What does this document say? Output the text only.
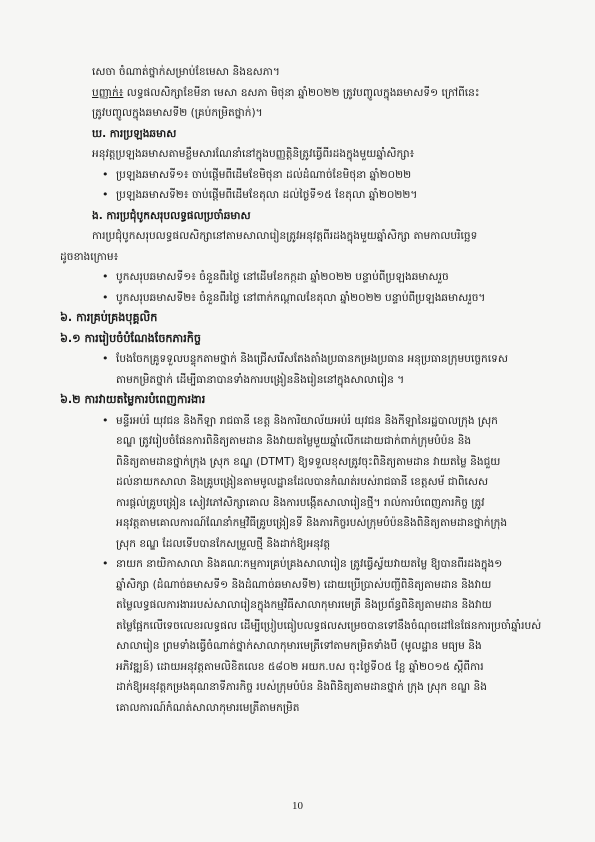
សេចា ចំណាត់ថ្នាក់សម្រាប់ខែមេសា និងឧសភា។

បញ្ញាក់៖ លទ្ធផលសិក្សាខែមីនា មេសា ឧសភា មិថុនា ឆ្នាំ២០២២ ត្រូវបញ្ចូលក្នុងឆមាសទី១ ក្រៅពីនេះ

ត្រូវបញ្ចូលក្នុងឆមាសទី២ (គ្រប់កម្រិតថ្នាក់)។

ឃ. ការប្រឡងឆមាស

អនុវត្តប្រឡងឆមាសតាមខ្លឹមសារណែនាំនៅក្នុងបញ្ញត្តិនិត្រូវធ្វើពីរដងក្នុងមួយឆ្នាំសិក្សា៖

• ប្រឡងឆមាសទី១៖ ចាប់ផ្ដើមពីដើមខែមិថុនា ដល់ដំណាច់ខែមិថុនា ឆ្នាំ២០២២
• ប្រឡងឆមាសទី២៖ ចាប់ផ្ដើមពីដើមខែតុលា ដល់ថ្ងៃទី១៥ ខែតុលា ឆ្នាំ២០២២។

ង. ការប្រជុំបូកសរុបលទ្ធផលប្រចាំឆមាស

ការប្រជុំបូកសរុបលទ្ធផលសិក្សានៅតាមសាលារៀនត្រូវអនុវត្តពីរដងក្នុងមួយឆ្នាំសិក្សា តាមកាលបរិច្ឆេទ

ដូចខាងក្រោម៖

• បូកសរុបឆមាសទី១៖ ចំនួនពីរថ្ងៃ នៅដើមខែកក្កដា ឆ្នាំ២០២២ បន្ទាប់ពីប្រឡងឆមាសរួច
• បូកសរុបឆមាសទី២៖ ចំនួនពីរថ្ងៃ នៅពាក់កណ្ដាលខែតុលា ឆ្នាំ២០២២ បន្ទាប់ពីប្រឡងឆមាសរួច។

៦. ការគ្រប់គ្រងបុគ្គលិក

៦.១ ការរៀបចំបំណែងចែកភារកិច្ច

• បែងចែកគ្រូទទួលបន្ទុកតាមថ្នាក់ និងជ្រើសរើសតែងតាំងប្រធានកម្រងប្រធាន អនុប្រធានក្រុមបច្ចេកទេស
តាមកម្រិតថ្នាក់ ដើម្បីធានាបានទាំងការបង្រៀននិងរៀននៅក្នុងសាលារៀន ។

៦.២ ការវាយតម្លៃការបំពេញការងារ

• មន្ទីរអប់រំ យុវជន និងកីឡា រាជធានី ខេត្ត និងការិយាល័យអប់រំ យុវជន និងកីឡានៃរដ្ឋបាលក្រុង ស្រុក
ខណ្ឌ ត្រូវរៀបចំផែនការពិនិត្យតាមដាន និងវាយតម្លៃមួយឆ្នាំលើកដោយជាក់ពាក់ក្រុមបំប៉ន និង
ពិនិត្យតាមដានថ្នាក់ក្រុង ស្រុក ខណ្ឌ (DTMT) ឱ្យទទួលខុសត្រូវចុះពិនិត្យតាមដាន វាយតម្លៃ និងជួយ
ដល់នាយកសាលា និងគ្រូបង្រៀនតាមមូលដ្ឋានដែលបានកំណត់របស់រាជធានី ខេត្តសម័ ជាពិសេស
ការផ្ដល់គ្រូបង្រៀន សៀវភៅសិក្សាគោល និងការបង្កើតសាលារៀនថ្មី។ រាល់ការបំពេញភារកិច្ច ត្រូវ
អនុវត្តតាមគោលការណ៍ណែនាំកម្មវិធីគ្រូបង្រៀនទី និងភារកិច្ចរបស់ក្រុមបំប៉ននិងពិនិត្យតាមដានថ្នាក់ក្រុង
ស្រុក ខណ្ឌ ដែលទើបបានកែសម្រួលថ្មី និងដាក់ឱ្យអនុវត្ត
• នាយក នាយិកាសាលា និងគណៈកម្មការគ្រប់គ្រងសាលារៀន ត្រូវធ្វើស្វ័យវាយតម្លៃ ឱ្យបានពីរដងក្នុង១
ឆ្នាំសិក្សា (ដំណាច់ឆមាសទី១ និងដំណាច់ឆមាសទី២) ដោយប្រើប្រាស់បញ្ជីពិនិត្យតាមដាន និងវាយ
តម្លៃលទ្ធផលការងាររបស់សាលារៀនក្នុងកម្មវិធីសាលាកុមារមេត្រី និងប្រព័ន្ធពិនិត្យតាមដាន និងវាយ
តម្លៃផ្អែកលើទេចលេខរលទ្ធផល ដើម្បីប្រៀបធៀបលទ្ធផលសម្រេចបានទៅនឹងចំណុចដៅនៃផែនការប្រចាំឆ្នាំរបស់
សាលារៀន ព្រមទាំងធ្វើចំណាត់ថ្នាក់សាលាកុមារមេត្រីទៅតាមកម្រិតទាំងបី (មូលដ្ឋាន មធ្យម និង
អភិវឌ្ឍន៍) ដោយអនុវត្តតាមលិខិតលេខ ៥៨០២ អយក.បស ចុះថ្ងៃទី០៥ ខែ្ឆ ឆ្នាំ២០១៥ ស្ដីពីការ
ដាក់ឱ្យអនុវត្តកម្រងគុណនាទីភារកិច្ច របស់ក្រុមបំប៉ន និងពិនិត្យតាមដានថ្នាក់ ក្រុង ស្រុក ខណ្ឌ និង
គោលការណ៍កំណត់សាលាកុមារមេត្រីតាមកម្រិត
10
